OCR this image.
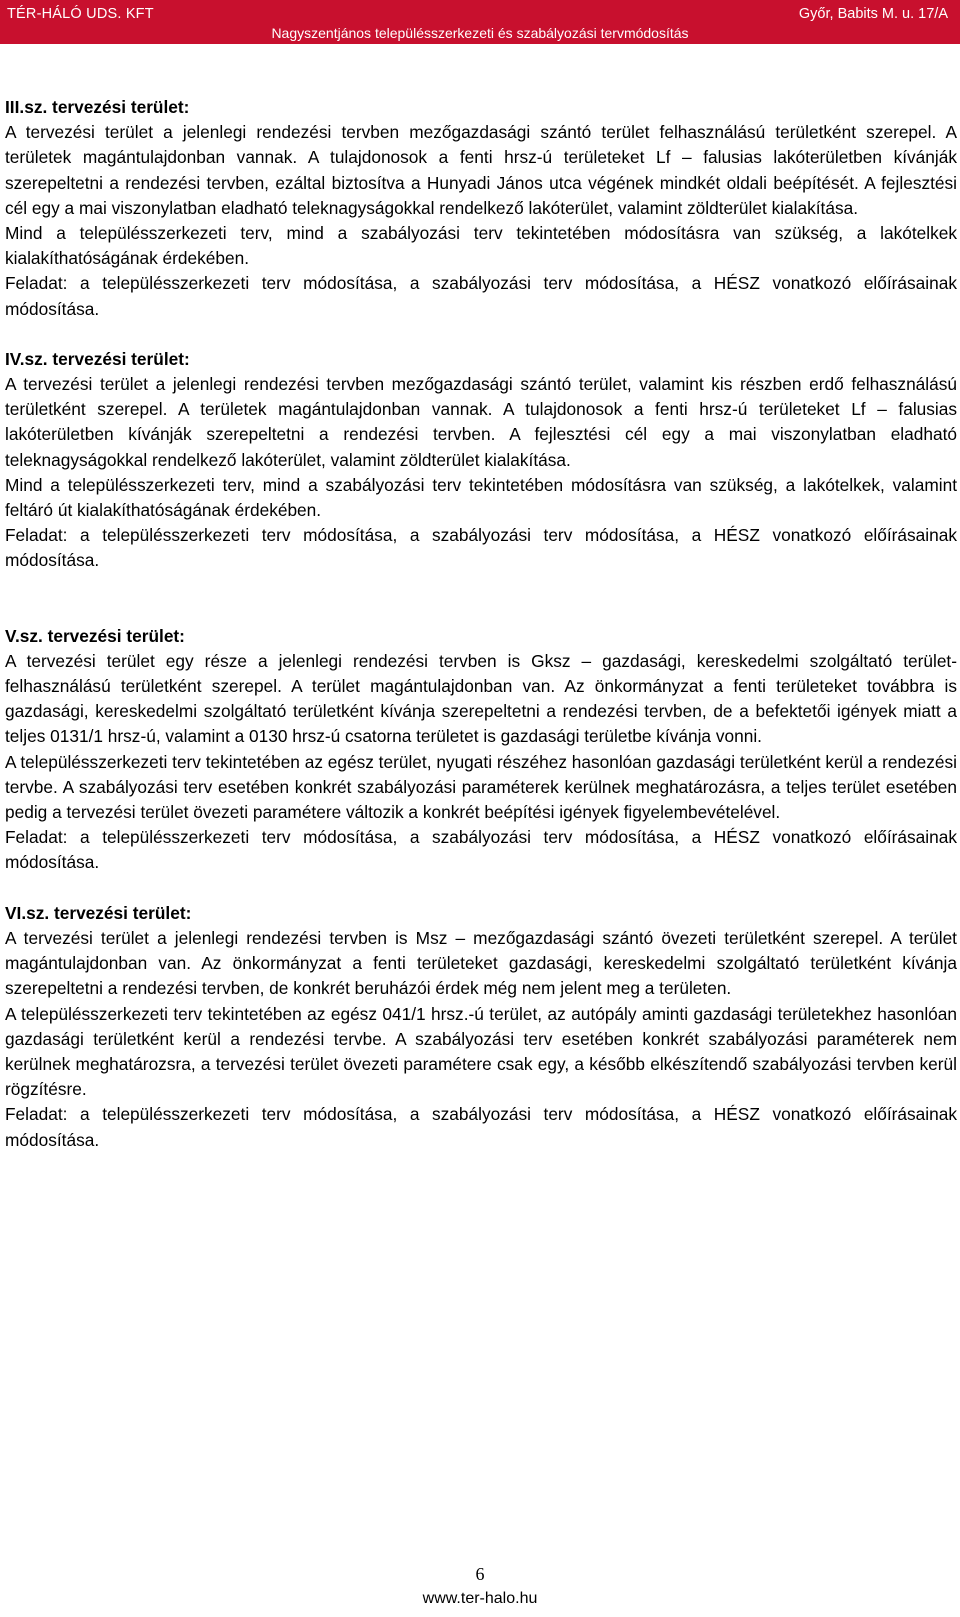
TÉR-HÁLÓ UDS. KFT	Győr, Babits M. u. 17/A
Nagyszentjános településszerkezeti és szabályozási tervmódosítás
III.sz. tervezési terület:
A tervezési terület a jelenlegi rendezési tervben mezőgazdasági szántó terület felhasználású területként szerepel. A területek magántulajdonban vannak. A tulajdonosok a fenti hrsz-ú területeket Lf – falusias lakóterületben kívánják szerepeltetni a rendezési tervben, ezáltal biztosítva a Hunyadi János utca végének mindkét oldali beépítését. A fejlesztési cél egy a mai viszonylatban eladható teleknagyságokkal rendelkező lakóterület, valamint zöldterület kialakítása.
Mind a településszerkezeti terv, mind a szabályozási terv tekintetében módosításra van szükség, a lakótelkek kialakíthatóságának érdekében.
Feladat: a településszerkezeti terv módosítása, a szabályozási terv módosítása, a HÉSZ vonatkozó előírásainak módosítása.
IV.sz. tervezési terület:
A tervezési terület a jelenlegi rendezési tervben mezőgazdasági szántó terület, valamint kis részben erdő felhasználású területként szerepel. A területek magántulajdonban vannak. A tulajdonosok a fenti hrsz-ú területeket Lf – falusias lakóterületben kívánják szerepeltetni a rendezési tervben. A fejlesztési cél egy a mai viszonylatban eladható teleknagyságokkal rendelkező lakóterület, valamint zöldterület kialakítása.
Mind a településszerkezeti terv, mind a szabályozási terv tekintetében módosításra van szükség, a lakótelkek, valamint feltáró út kialakíthatóságának érdekében.
Feladat: a településszerkezeti terv módosítása, a szabályozási terv módosítása, a HÉSZ vonatkozó előírásainak módosítása.
V.sz. tervezési terület:
A tervezési terület egy része a jelenlegi rendezési tervben is Gksz – gazdasági, kereskedelmi szolgáltató terület-felhasználású területként szerepel. A terület magántulajdonban van. Az önkormányzat a fenti területeket továbbra is gazdasági, kereskedelmi szolgáltató területként kívánja szerepeltetni a rendezési tervben, de a befektetői igények miatt a teljes 0131/1 hrsz-ú, valamint a 0130 hrsz-ú csatorna területet is gazdasági területbe kívánja vonni.
A településszerkezeti terv tekintetében az egész terület, nyugati részéhez hasonlóan gazdasági területként kerül a rendezési tervbe. A szabályozási terv esetében konkrét szabályozási paraméterek kerülnek meghatározásra, a teljes terület esetében pedig a tervezési terület övezeti paramétere változik a konkrét beépítési igények figyelembevételével.
Feladat: a településszerkezeti terv módosítása, a szabályozási terv módosítása, a HÉSZ vonatkozó előírásainak módosítása.
VI.sz. tervezési terület:
A tervezési terület a jelenlegi rendezési tervben is Msz – mezőgazdasági szántó övezeti területként szerepel. A terület magántulajdonban van. Az önkormányzat a fenti területeket gazdasági, kereskedelmi szolgáltató területként kívánja szerepeltetni a rendezési tervben, de konkrét beruházói érdek még nem jelent meg a területen.
A településszerkezeti terv tekintetében az egész 041/1 hrsz.-ú terület, az autópály aminti gazdasági területekhez hasonlóan gazdasági területként kerül a rendezési tervbe. A szabályozási terv esetében konkrét szabályozási paraméterek nem kerülnek meghatározsra, a tervezési terület övezeti paramétere csak egy, a később elkészítendő szabályozási tervben kerül rögzítésre.
Feladat: a településszerkezeti terv módosítása, a szabályozási terv módosítása, a HÉSZ vonatkozó előírásainak módosítása.
6
www.ter-halo.hu
